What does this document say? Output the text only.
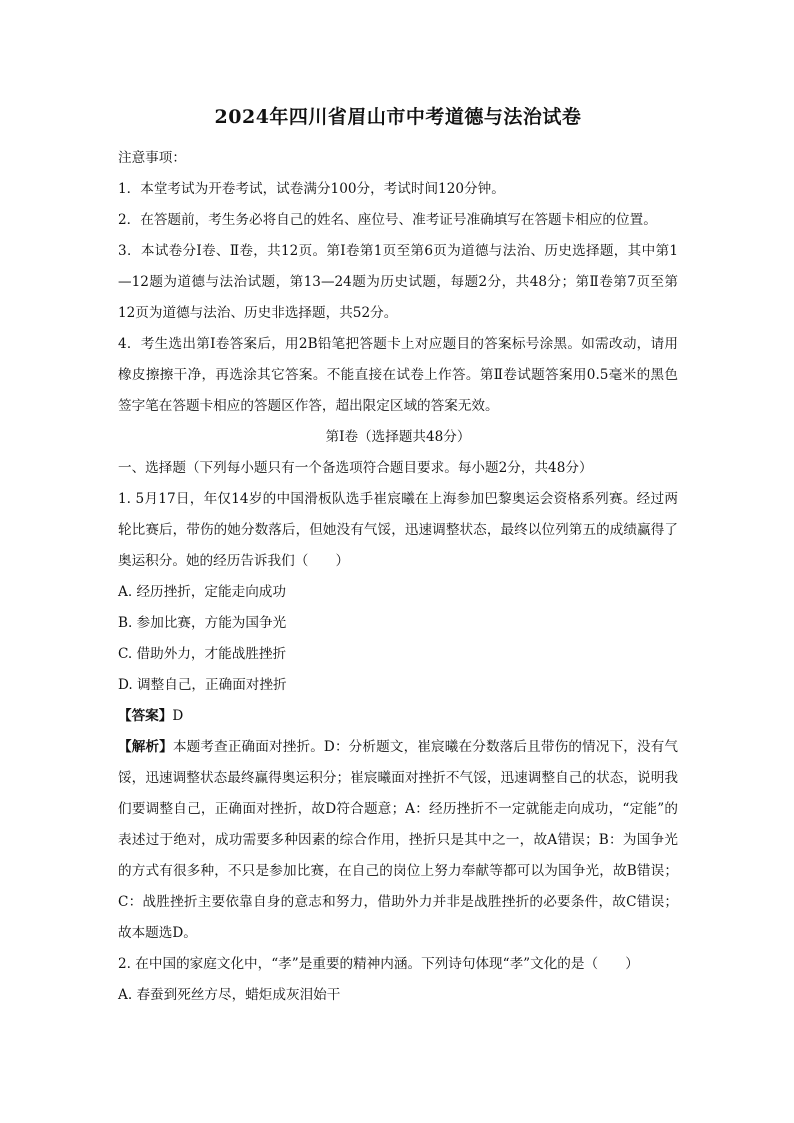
2024年四川省眉山市中考道德与法治试卷

注意事项：

1．本堂考试为开卷考试，试卷满分100分，考试时间120分钟。

2．在答题前，考生务必将自己的姓名、座位号、准考证号准确填写在答题卡相应的位置。

3．本试卷分Ⅰ卷、Ⅱ卷，共12页。第Ⅰ卷第1页至第6页为道德与法治、历史选择题，其中第1—12题为道德与法治试题，第13—24题为历史试题，每题2分，共48分；第Ⅱ卷第7页至第12页为道德与法治、历史非选择题，共52分。

4．考生选出第Ⅰ卷答案后，用2B铅笔把答题卡上对应题目的答案标号涂黑。如需改动，请用橡皮擦擦干净，再选涂其它答案。不能直接在试卷上作答。第Ⅱ卷试题答案用0.5毫米的黑色签字笔在答题卡相应的答题区作答，超出限定区域的答案无效。

第Ⅰ卷（选择题共48分）

一、选择题（下列每小题只有一个备选项符合题目要求。每小题2分，共48分）

1. 5月17日，年仅14岁的中国滑板队选手崔宸曦在上海参加巴黎奥运会资格系列赛。经过两轮比赛后，带伤的她分数落后，但她没有气馁，迅速调整状态，最终以位列第五的成绩赢得了奥运积分。她的经历告诉我们（　　）

A. 经历挫折，定能走向成功

B. 参加比赛，方能为国争光

C. 借助外力，才能战胜挫折

D. 调整自己，正确面对挫折

【答案】D

【解析】本题考查正确面对挫折。D：分析题文，崔宸曦在分数落后且带伤的情况下，没有气馁，迅速调整状态最终赢得奥运积分；崔宸曦面对挫折不气馁，迅速调整自己的状态，说明我们要调整自己，正确面对挫折，故D符合题意；A：经历挫折不一定就能走向成功，“定能”的表述过于绝对，成功需要多种因素的综合作用，挫折只是其中之一，故A错误；B：为国争光的方式有很多种，不只是参加比赛，在自己的岗位上努力奉献等都可以为国争光，故B错误；C：战胜挫折主要依靠自身的意志和努力，借助外力并非是战胜挫折的必要条件，故C错误；故本题选D。

2. 在中国的家庭文化中，“孝”是重要的精神内涵。下列诗句体现“孝”文化的是（　　）

A. 春蚕到死丝方尽，蜡炬成灰泪始干
